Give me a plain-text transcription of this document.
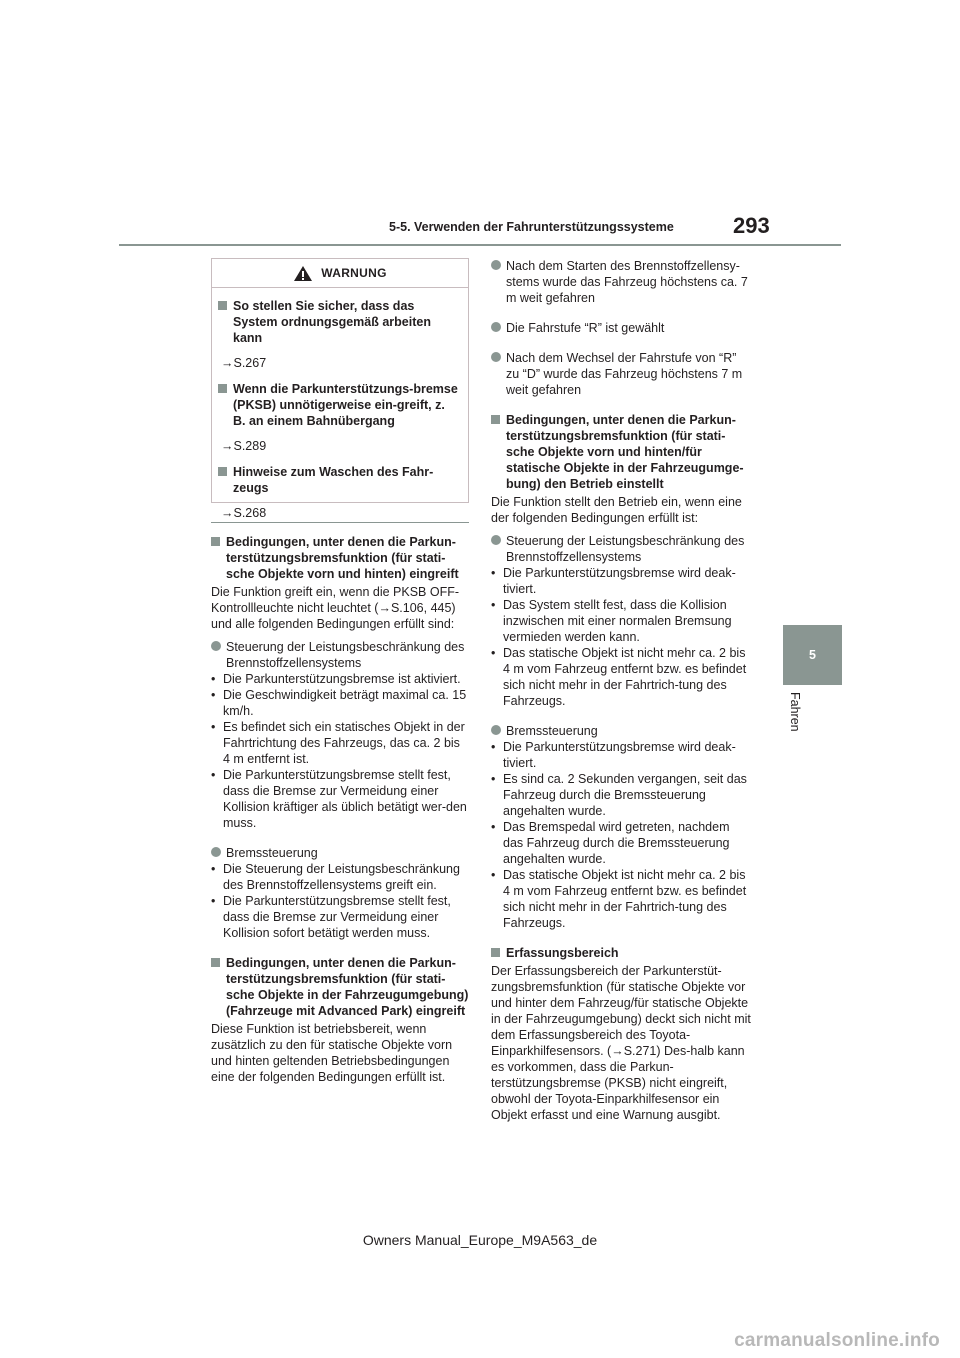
5-5. Verwenden der Fahrunterstützungssysteme	293
5
Fahren
WARNUNG
So stellen Sie sicher, dass das System ordnungsgemäß arbeiten kann
→S.267
Wenn die Parkunterstützungs-bremse (PKSB) unnötigerweise ein-greift, z. B. an einem Bahnübergang
→S.289
Hinweise zum Waschen des Fahr-zeugs
→S.268
Bedingungen, unter denen die Parkun-terstützungsbremsfunktion (für stati-sche Objekte vorn und hinten) eingreift
Die Funktion greift ein, wenn die PKSB OFF-Kontrollleuchte nicht leuchtet (→S.106, 445) und alle folgenden Bedingungen erfüllt sind:
Steuerung der Leistungsbeschränkung des Brennstoffzellensystems
• Die Parkunterstützungsbremse ist aktiviert.
• Die Geschwindigkeit beträgt maximal ca. 15 km/h.
• Es befindet sich ein statisches Objekt in der Fahrtrichtung des Fahrzeugs, das ca. 2 bis 4 m entfernt ist.
• Die Parkunterstützungsbremse stellt fest, dass die Bremse zur Vermeidung einer Kollision kräftiger als üblich betätigt wer-den muss.
Bremssteuerung
• Die Steuerung der Leistungsbeschränkung des Brennstoffzellensystems greift ein.
• Die Parkunterstützungsbremse stellt fest, dass die Bremse zur Vermeidung einer Kollision sofort betätigt werden muss.
Bedingungen, unter denen die Parkun-terstützungsbremsfunktion (für stati-sche Objekte in der Fahrzeugumgebung) (Fahrzeuge mit Advanced Park) eingreift
Diese Funktion ist betriebsbereit, wenn zusätzlich zu den für statische Objekte vorn und hinten geltenden Betriebsbedingungen eine der folgenden Bedingungen erfüllt ist.
Nach dem Starten des Brennstoffzellensy-stems wurde das Fahrzeug höchstens ca. 7 m weit gefahren
Die Fahrstufe “R” ist gewählt
Nach dem Wechsel der Fahrstufe von “R” zu “D” wurde das Fahrzeug höchstens 7 m weit gefahren
Bedingungen, unter denen die Parkun-terstützungsbremsfunktion (für stati-sche Objekte vorn und hinten/für statische Objekte in der Fahrzeugumge-bung) den Betrieb einstellt
Die Funktion stellt den Betrieb ein, wenn eine der folgenden Bedingungen erfüllt ist:
Steuerung der Leistungsbeschränkung des Brennstoffzellensystems
• Die Parkunterstützungsbremse wird deak-tiviert.
• Das System stellt fest, dass die Kollision inzwischen mit einer normalen Bremsung vermieden werden kann.
• Das statische Objekt ist nicht mehr ca. 2 bis 4 m vom Fahrzeug entfernt bzw. es befindet sich nicht mehr in der Fahrtrich-tung des Fahrzeugs.
Bremssteuerung
• Die Parkunterstützungsbremse wird deak-tiviert.
• Es sind ca. 2 Sekunden vergangen, seit das Fahrzeug durch die Bremssteuerung angehalten wurde.
• Das Bremspedal wird getreten, nachdem das Fahrzeug durch die Bremssteuerung angehalten wurde.
• Das statische Objekt ist nicht mehr ca. 2 bis 4 m vom Fahrzeug entfernt bzw. es befindet sich nicht mehr in der Fahrtrich-tung des Fahrzeugs.
Erfassungsbereich
Der Erfassungsbereich der Parkunterstüt-zungsbremsfunktion (für statische Objekte vor und hinter dem Fahrzeug/für statische Objekte in der Fahrzeugumgebung) deckt sich nicht mit dem Erfassungsbereich des Toyota-Einparkhilfesensors. (→S.271) Des-halb kann es vorkommen, dass die Parkun-terstützungsbremse (PKSB) nicht eingreift, obwohl der Toyota-Einparkhilfesensor ein Objekt erfasst und eine Warnung ausgibt.
Owners Manual_Europe_M9A563_de
carmanualsonline.info
